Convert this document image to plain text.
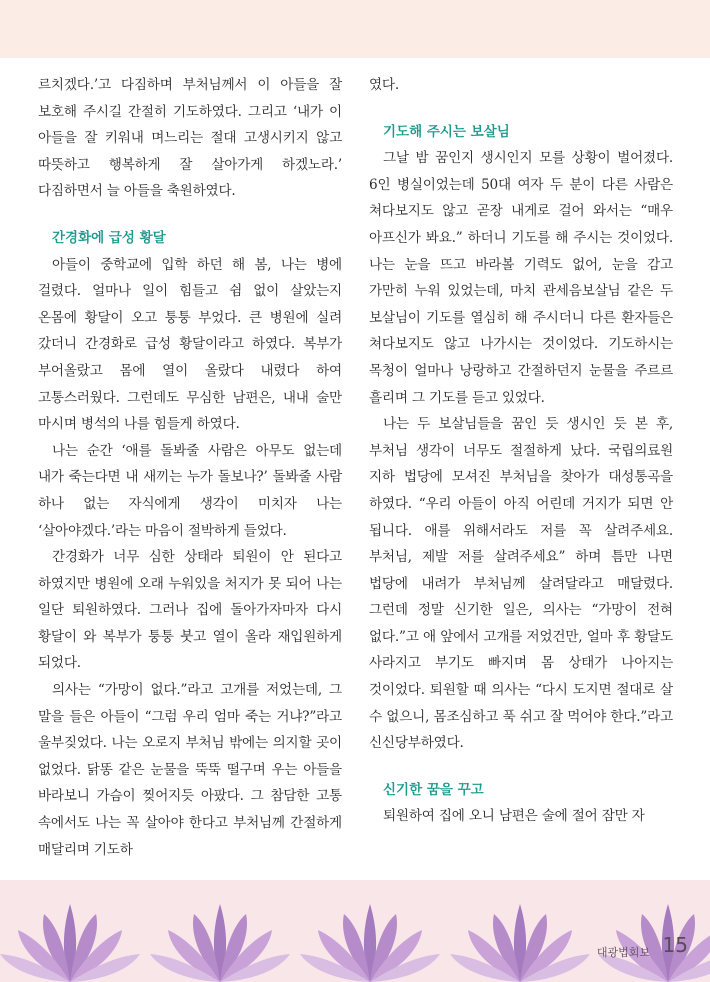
르치겠다.’고 다짐하며 부처님께서 이 아들을 잘 보호해 주시길 간절히 기도하였다. 그리고 ‘내가 이 아들을 잘 키워내 며느리는 절대 고생시키지 않고 따뜻하고 행복하게 잘 살아가게 하겠노라.’ 다짐하면서 늘 아들을 축원하였다.

간경화에 급성 황달

아들이 중학교에 입학 하던 해 봄, 나는 병에 걸렸다. 얼마나 일이 힘들고 쉼 없이 살았는지 온몸에 황달이 오고 퉁퉁 부었다. 큰 병원에 실려 갔더니 간경화로 급성 황달이라고 하였다. 복부가 부어올랐고 몸에 열이 올랐다 내렸다 하여 고통스러웠다. 그런데도 무심한 남편은, 내내 술만 마시며 병석의 나를 힘들게 하였다.

나는 순간 ‘애를 돌봐줄 사람은 아무도 없는데 내가 죽는다면 내 새끼는 누가 돌보나?’ 돌봐줄 사람 하나 없는 자식에게 생각이 미치자 나는 ‘살아야겠다.’라는 마음이 절박하게 들었다.

간경화가 너무 심한 상태라 퇴원이 안 된다고 하였지만 병원에 오래 누워있을 처지가 못 되어 나는 일단 퇴원하였다. 그러나 집에 돌아가자마자 다시 황달이 와 복부가 퉁퉁 붓고 열이 올라 재입원하게 되었다.

의사는 “가망이 없다.”라고 고개를 저었는데, 그 말을 들은 아들이 “그럼 우리 엄마 죽는 거냐?”라고 울부짖었다. 나는 오로지 부처님 밖에는 의지할 곳이 없었다. 닭똥 같은 눈물을 뚝뚝 떨구며 우는 아들을 바라보니 가슴이 찢어지듯 아팠다. 그 참담한 고통 속에서도 나는 꼭 살아야 한다고 부처님께 간절하게 매달리며 기도하

였다.

기도해 주시는 보살님

그날 밤 꿈인지 생시인지 모를 상황이 벌어졌다. 6인 병실이었는데 50대 여자 두 분이 다른 사람은 쳐다보지도 않고 곧장 내게로 걸어 와서는 “매우 아프신가 봐요.” 하더니 기도를 해 주시는 것이었다. 나는 눈을 뜨고 바라볼 기력도 없어, 눈을 감고 가만히 누워 있었는데, 마치 관세음보살님 같은 두 보살님이 기도를 열심히 해 주시더니 다른 환자들은 쳐다보지도 않고 나가시는 것이었다. 기도하시는 목청이 얼마나 낭랑하고 간절하던지 눈물을 주르르 흘리며 그 기도를 듣고 있었다.

나는 두 보살님들을 꿈인 듯 생시인 듯 본 후, 부처님 생각이 너무도 절절하게 났다. 국립의료원 지하 법당에 모셔진 부처님을 찾아가 대성통곡을 하였다. “우리 아들이 아직 어린데 거지가 되면 안 됩니다. 애를 위해서라도 저를 꼭 살려주세요. 부처님, 제발 저를 살려주세요” 하며 틈만 나면 법당에 내려가 부처님께 살려달라고 매달렸다. 그런데 정말 신기한 일은, 의사는 “가망이 전혀 없다.”고 애 앞에서 고개를 저었건만, 얼마 후 황달도 사라지고 부기도 빠지며 몸 상태가 나아지는 것이었다. 퇴원할 때 의사는 “다시 도지면 절대로 살 수 없으니, 몸조심하고 푹 쉬고 잘 먹어야 한다.”라고 신신당부하였다.

신기한 꿈을 꾸고

퇴원하여 집에 오니 남편은 술에 절어 잠만 자

대광법회보 15
